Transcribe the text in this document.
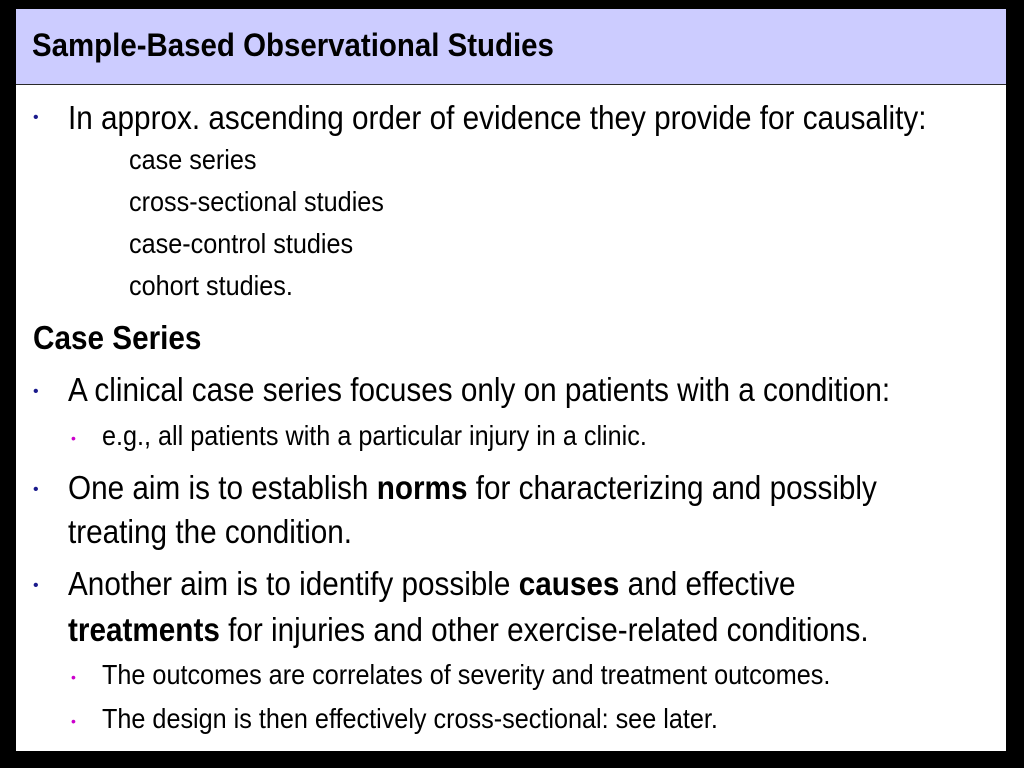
Sample-Based Observational Studies
• In approx. ascending order of evidence they provide for causality:
case series
cross-sectional studies
case-control studies
cohort studies.
Case Series
• A clinical case series focuses only on patients with a condition:
• e.g., all patients with a particular injury in a clinic.
• One aim is to establish norms for characterizing and possibly
treating the condition.
• Another aim is to identify possible causes and effective
treatments for injuries and other exercise-related conditions.
• The outcomes are correlates of severity and treatment outcomes.
• The design is then effectively cross-sectional: see later.
